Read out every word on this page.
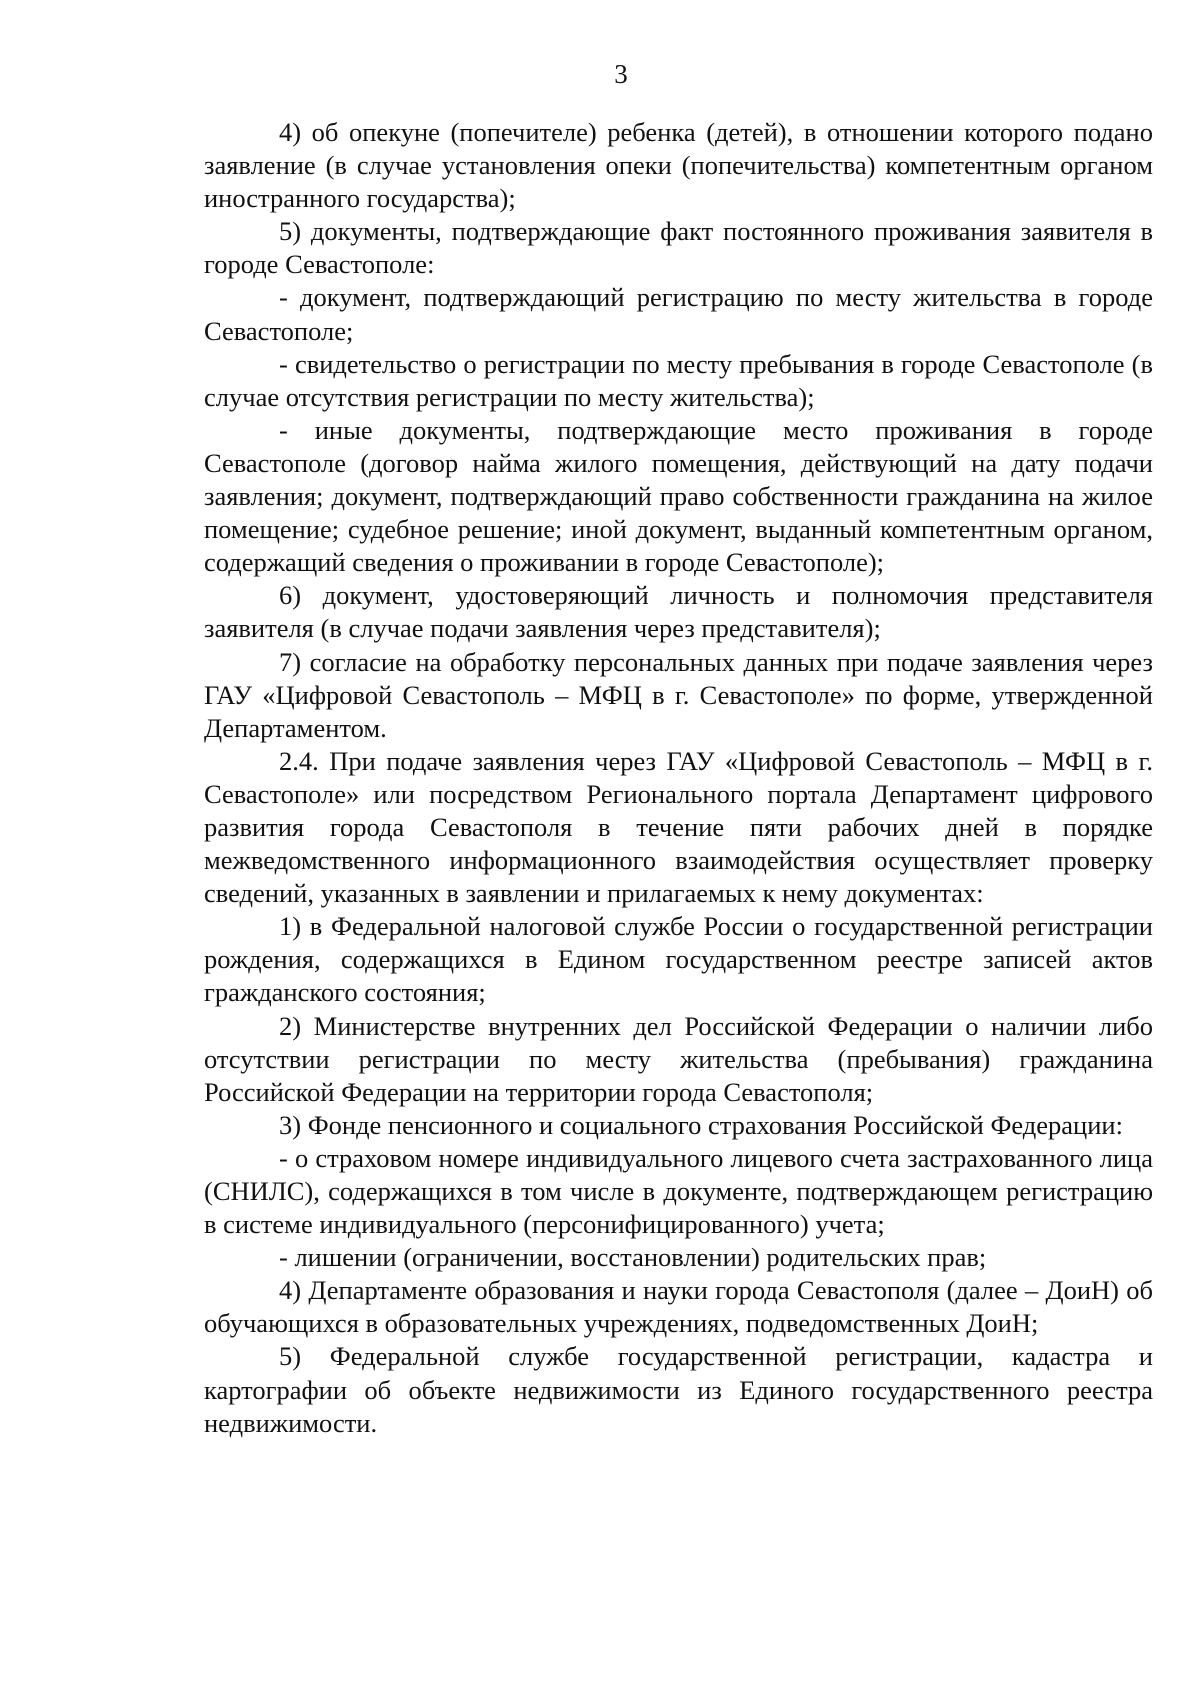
3

4) об опекуне (попечителе) ребенка (детей), в отношении которого подано заявление (в случае установления опеки (попечительства) компетентным органом иностранного государства);

5) документы, подтверждающие факт постоянного проживания заявителя в городе Севастополе:

- документ, подтверждающий регистрацию по месту жительства в городе Севастополе;

- свидетельство о регистрации по месту пребывания в городе Севастополе (в случае отсутствия регистрации по месту жительства);

- иные документы, подтверждающие место проживания в городе Севастополе (договор найма жилого помещения, действующий на дату подачи заявления; документ, подтверждающий право собственности гражданина на жилое помещение; судебное решение; иной документ, выданный компетентным органом, содержащий сведения о проживании в городе Севастополе);

6) документ, удостоверяющий личность и полномочия представителя заявителя (в случае подачи заявления через представителя);

7) согласие на обработку персональных данных при подаче заявления через ГАУ «Цифровой Севастополь – МФЦ в г. Севастополе» по форме, утвержденной Департаментом.

2.4. При подаче заявления через ГАУ «Цифровой Севастополь – МФЦ в г. Севастополе» или посредством Регионального портала Департамент цифрового развития города Севастополя в течение пяти рабочих дней в порядке межведомственного информационного взаимодействия осуществляет проверку сведений, указанных в заявлении и прилагаемых к нему документах:

1) в Федеральной налоговой службе России о государственной регистрации рождения, содержащихся в Едином государственном реестре записей актов гражданского состояния;

2) Министерстве внутренних дел Российской Федерации о наличии либо отсутствии регистрации по месту жительства (пребывания) гражданина Российской Федерации на территории города Севастополя;

3) Фонде пенсионного и социального страхования Российской Федерации:

- о страховом номере индивидуального лицевого счета застрахованного лица (СНИЛС), содержащихся в том числе в документе, подтверждающем регистрацию в системе индивидуального (персонифицированного) учета;

- лишении (ограничении, восстановлении) родительских прав;

4) Департаменте образования и науки города Севастополя (далее – ДоиН) об обучающихся в образовательных учреждениях, подведомственных ДоиН;

5) Федеральной службе государственной регистрации, кадастра и картографии об объекте недвижимости из Единого государственного реестра недвижимости.
